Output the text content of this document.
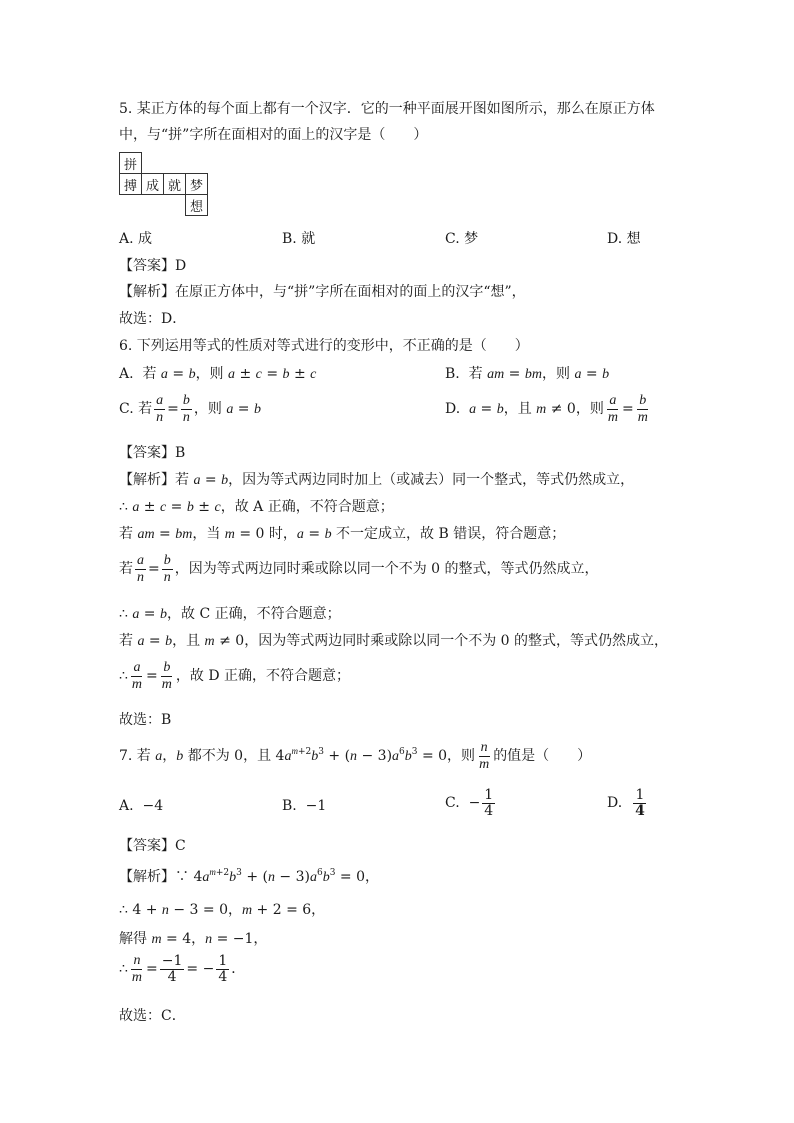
5. 某正方体的每个面上都有一个汉字．它的一种平面展开图如图所示，那么在原正方体
中，与“拼”字所在面相对的面上的汉字是（　　）
拼			
搏	成	就	梦
			想
A. 成	B. 就	C. 梦	D. 想
【答案】D
【解析】在原正方体中，与“拼”字所在面相对的面上的汉字“想”，
故选：D．
6. 下列运用等式的性质对等式进行的变形中，不正确的是（　　）
A.  若 a = b，则 a ± c = b ± c	B.  若 am = bm，则 a = b
C. 若 $\frac{a}{n} = \frac{b}{n}$ ，则 a = b	D.  a = b，且 m ≠ 0，则 $\frac{a}{m} = \frac{b}{m}$
【答案】B
【解析】若 a = b，因为等式两边同时加上（或减去）同一个整式，等式仍然成立，
∴ a ± c = b ± c，故 A 正确，不符合题意；
若 am = bm，当 m = 0 时，a = b 不一定成立，故 B 错误，符合题意；
若 $\frac{a}{n} = \frac{b}{n}$ ，因为等式两边同时乘或除以同一个不为 0 的整式，等式仍然成立，
∴ a = b，故 C 正确，不符合题意；
若 a = b，且 m ≠ 0，因为等式两边同时乘或除以同一个不为 0 的整式，等式仍然成立，
∴ $\frac{a}{m} = \frac{b}{m}$ ，故 D 正确，不符合题意；
故选：B
7. 若 a，b 都不为 0，且 $4a^{m+2}b^3 + (n - 3)a^6b^3 = 0$，则 $\frac{n}{m}$ 的值是（　　）
A.  −4	B.  −1	C.  − $\frac{1}{4}$	D. $\frac{1}{4}$
【答案】C
【解析】∵ $4a^{m+2}b^3 + (n - 3)a^6b^3 = 0$，
∴ 4 + n − 3 = 0，m + 2 = 6，
解得 m = 4，n = −1，
∴ $\frac{n}{m} = \frac{-1}{4}$ = − $\frac{1}{4}$ ．
故选：C．
